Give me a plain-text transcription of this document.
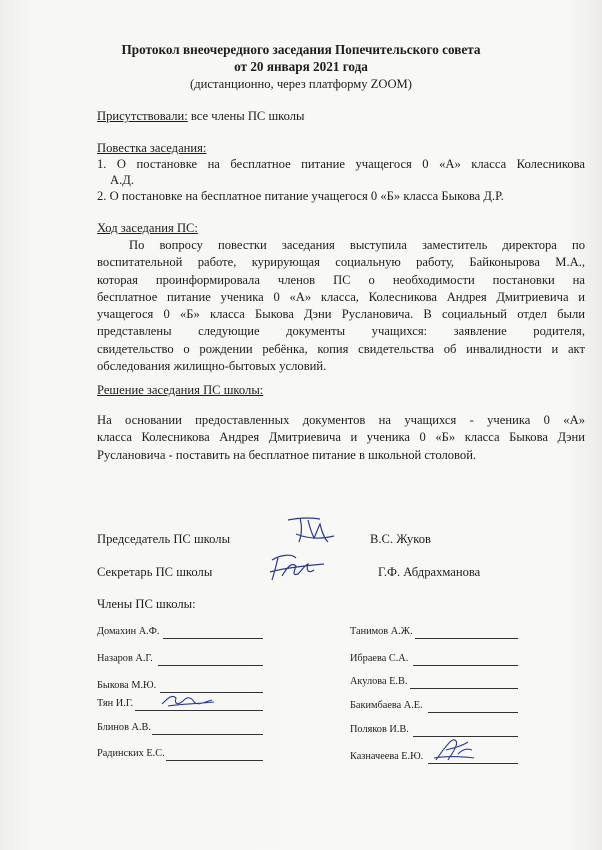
Протокол внеочередного заседания Попечительского совета
от 20 января 2021 года
(дистанционно, через платформу ZOOM)
Присутствовали: все члены ПС школы
Повестка заседания:
1. О постановке на бесплатное питание учащегося 0 «А» класса Колесникова
А.Д.
2. О постановке на бесплатное питание учащегося 0 «Б» класса Быкова Д.Р.
Ход заседания ПС:
По вопросу повестки заседания выступила заместитель директора по
воспитательной работе, курирующая социальную работу, Байконырова М.А.,
которая проинформировала членов ПС о необходимости постановки на
бесплатное питание ученика 0 «А» класса, Колесникова Андрея Дмитриевича и
учащегося 0 «Б» класса Быкова Дэни Руслановича. В социальный отдел были
представлены следующие документы учащихся: заявление родителя,
свидетельство о рождении ребёнка, копия свидетельства об инвалидности и акт
обследования жилищно-бытовых условий.
Решение заседания ПС школы:
На основании предоставленных документов на учащихся - ученика 0 «А»
класса Колесникова Андрея Дмитриевича и ученика 0 «Б» класса Быкова Дэни
Руслановича - поставить на бесплатное питание в школьной столовой.
Председатель ПС школы	В.С. Жуков
Секретарь ПС школы	Г.Ф. Абдрахманова
Члены ПС школы:
Домахин А.Ф.
Назаров А.Г.
Быкова М.Ю.
Тян И.Г.
Блинов А.В.
Радинскиx Е.С.
Танимов А.Ж.
Ибраева С.А.
Акулова Е.В.
Бакимбаева А.Е.
Поляков И.В.
Казначеева Е.Ю.
